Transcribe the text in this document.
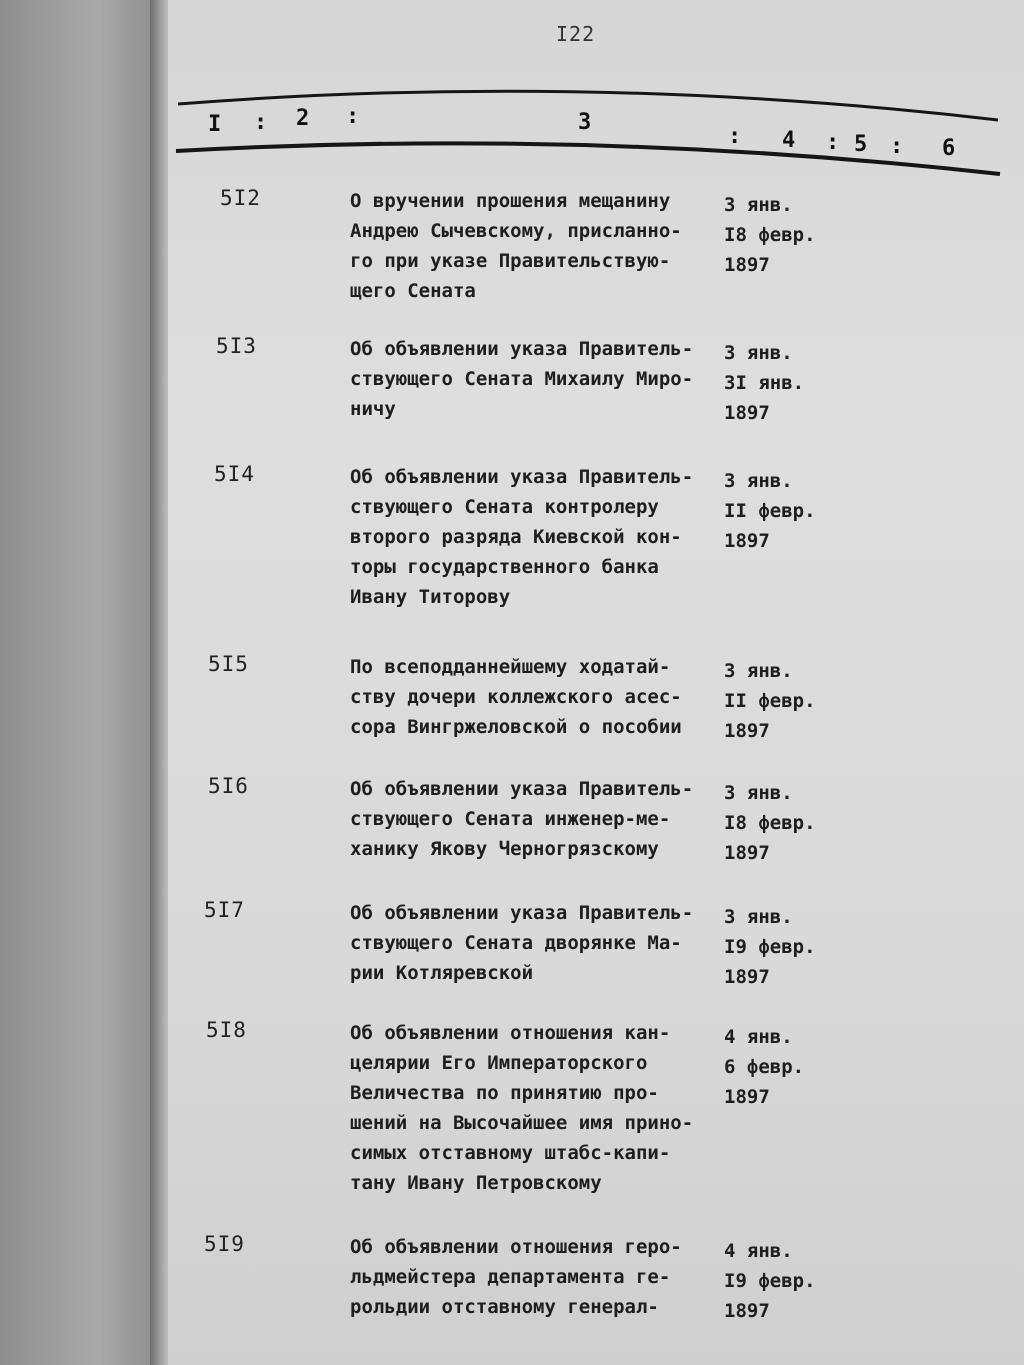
I22
I : 2 :	3
: 4 : 5 : 6
5I2	О вручении прошения мещанину
Андрею Сычевскому, присланно-
го при указе Правительствую-
щего Сената
3 янв.
I8 февр.
1897
5I3	Об объявлении указа Правитель-
ствующего Сената Михаилу Миро-
ничу
3 янв.
3I янв.
1897
5I4	Об объявлении указа Правитель-
ствующего Сената контролеру
второго разряда Киевской кон-
торы государственного банка
Ивану Титорову
3 янв.
II февр.
1897
5I5	По всеподданнейшему ходатай-
ству дочери коллежского асес-
сора Вингржеловской о пособии
3 янв.
II февр.
1897
5I6	Об объявлении указа Правитель-
ствующего Сената инженер-ме-
ханику Якову Черногрязскому
3 янв.
I8 февр.
1897
5I7	Об объявлении указа Правитель-
ствующего Сената дворянке Ма-
рии Котляревской
3 янв.
I9 февр.
1897
5I8	Об объявлении отношения кан-
целярии Его Императорского
Величества по принятию про-
шений на Высочайшее имя прино-
симых отставному штабс-капи-
тану Ивану Петровскому
4 янв.
6 февр.
1897
5I9	Об объявлении отношения геро-
льдмейстера департамента ге-
рольдии отставному генерал-
4 янв.
I9 февр.
1897
